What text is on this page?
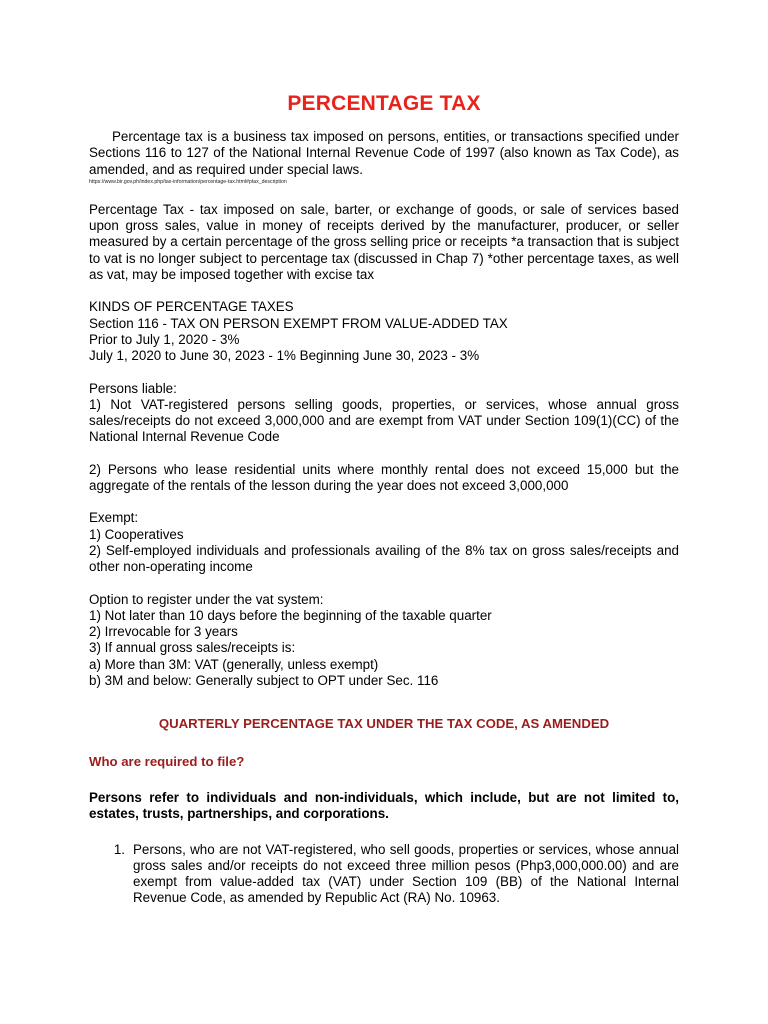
PERCENTAGE TAX

Percentage tax is a business tax imposed on persons, entities, or transactions specified under Sections 116 to 127 of the National Internal Revenue Code of 1997 (also known as Tax Code), as amended, and as required under special laws.

https://www.bir.gov.ph/index.php/tax-information/percentage-tax.html#ptax_description

Percentage Tax - tax imposed on sale, barter, or exchange of goods, or sale of services based upon gross sales, value in money of receipts derived by the manufacturer, producer, or seller measured by a certain percentage of the gross selling price or receipts *a transaction that is subject to vat is no longer subject to percentage tax (discussed in Chap 7) *other percentage taxes, as well as vat, may be imposed together with excise tax

KINDS OF PERCENTAGE TAXES

Section 116 - TAX ON PERSON EXEMPT FROM VALUE-ADDED TAX

Prior to July 1, 2020 - 3%

July 1, 2020 to June 30, 2023 - 1% Beginning June 30, 2023 - 3%

Persons liable:

1) Not VAT-registered persons selling goods, properties, or services, whose annual gross sales/receipts do not exceed 3,000,000 and are exempt from VAT under Section 109(1)(CC) of the National Internal Revenue Code

2) Persons who lease residential units where monthly rental does not exceed 15,000 but the aggregate of the rentals of the lesson during the year does not exceed 3,000,000

Exempt:

1) Cooperatives

2) Self-employed individuals and professionals availing of the 8% tax on gross sales/receipts and other non-operating income

Option to register under the vat system:

1) Not later than 10 days before the beginning of the taxable quarter

2) Irrevocable for 3 years

3) If annual gross sales/receipts is:

a) More than 3M: VAT (generally, unless exempt)

b) 3M and below: Generally subject to OPT under Sec. 116

QUARTERLY PERCENTAGE TAX UNDER THE TAX CODE, AS AMENDED

Who are required to file?

Persons refer to individuals and non-individuals, which include, but are not limited to, estates, trusts, partnerships, and corporations.

1. Persons, who are not VAT-registered, who sell goods, properties or services, whose annual gross sales and/or receipts do not exceed three million pesos (Php3,000,000.00) and are exempt from value-added tax (VAT) under Section 109 (BB) of the National Internal Revenue Code, as amended by Republic Act (RA) No. 10963.
